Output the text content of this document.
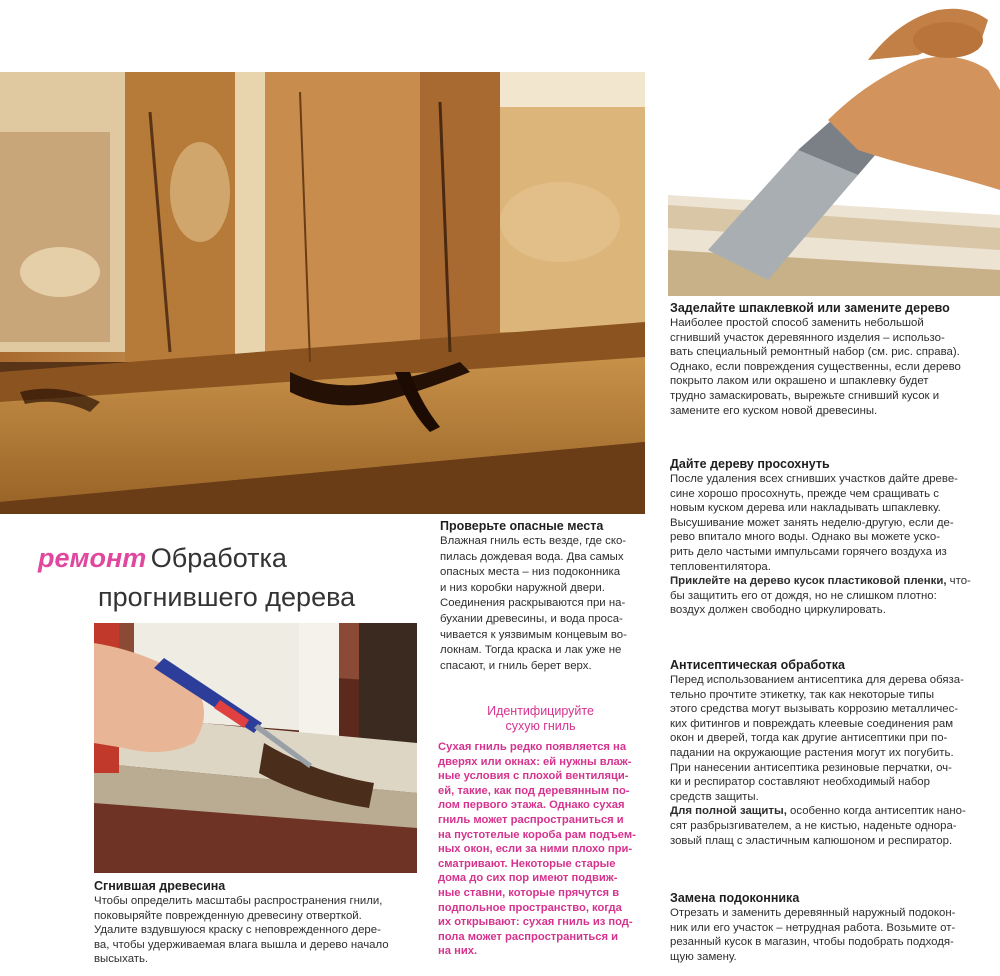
ремонт Обработка
прогнившего дерева

Проверьте опасные места

Влажная гниль есть везде, где ско-

пилась дождевая вода. Два самых

опасных места – низ подоконника

и низ коробки наружной двери.

Соединения раскрываются при на-

бухании древесины, и вода просa-

чивается к уязвимым концевым во-

локнам. Тогда краска и лак уже не

спасают, и гниль берет верх.

Идентифицируйте

сухую гниль

Сухая гниль редко появляется на

дверях или окнах: ей нужны влаж-

ные условия с плохой вентиляци-

ей, такие, как под деревянным по-

лом первого этажа. Однако сухая

гниль может распространиться и

на пустотелые короба рам подъем-

ных окон, если за ними плохо при-

сматривают. Некоторые старые

дома до сих пор имеют подвиж-

ные ставни, которые прячутся в

подпольное пространство, когда

их открывают: сухая гниль из под-

пола может распространиться и

на них.

Сгнившая древесина

Чтобы определить масштабы распространения гнили,

поковыряйте поврежденную древесину отверткой.

Удалите вздувшуюся краску с неповрежденного дере-

ва, чтобы удерживаемая влага вышла и дерево начало

высыхать.

Заделайте шпаклевкой или замените дерево

Наиболее простой способ заменить небольшой

сгнивший участок деревянного изделия – использо-

вать специальный ремонтный набор (см. рис. справа).

Однако, если повреждения существенны, если дерево

покрыто лаком или окрашено и шпаклевку будет

трудно замаскировать, вырежьте сгнивший кусок и

замените его куском новой древесины.

Дайте дереву просохнуть

После удаления всех сгнивших участков дайте древе-

сине хорошо просохнуть, прежде чем сращивать с

новым куском дерева или накладывать шпаклевку.

Высушивание может занять неделю-другую, если де-

рево впитало много воды. Однако вы можете уско-

рить дело частыми импульсами горячего воздуха из

тепловентилятора.

Приклейте на дерево кусок пластиковой пленки, что-

бы защитить его от дождя, но не слишком плотно:

воздух должен свободно циркулировать.

Антисептическая обработка

Перед использованием антисептика для дерева обяза-

тельно прочтите этикетку, так как некоторые типы

этого средства могут вызывать коррозию металличес-

ких фитингов и повреждать клеевые соединения рам

окон и дверей, тогда как другие антисептики при по-

падании на окружающие растения могут их погубить.

При нанесении антисептика резиновые перчатки, оч-

ки и респиратор составляют необходимый набор

средств защиты.

Для полной защиты, особенно когда антисептик нано-

сят разбрызгивателем, а не кистью, наденьте однора-

зовый плащ с эластичным капюшоном и респиратор.

Замена подоконника

Отрезать и заменить деревянный наружный подокон-

ник или его участок – нетрудная работа. Возьмите от-

резанный кусок в магазин, чтобы подобрать подходя-

щую замену.
